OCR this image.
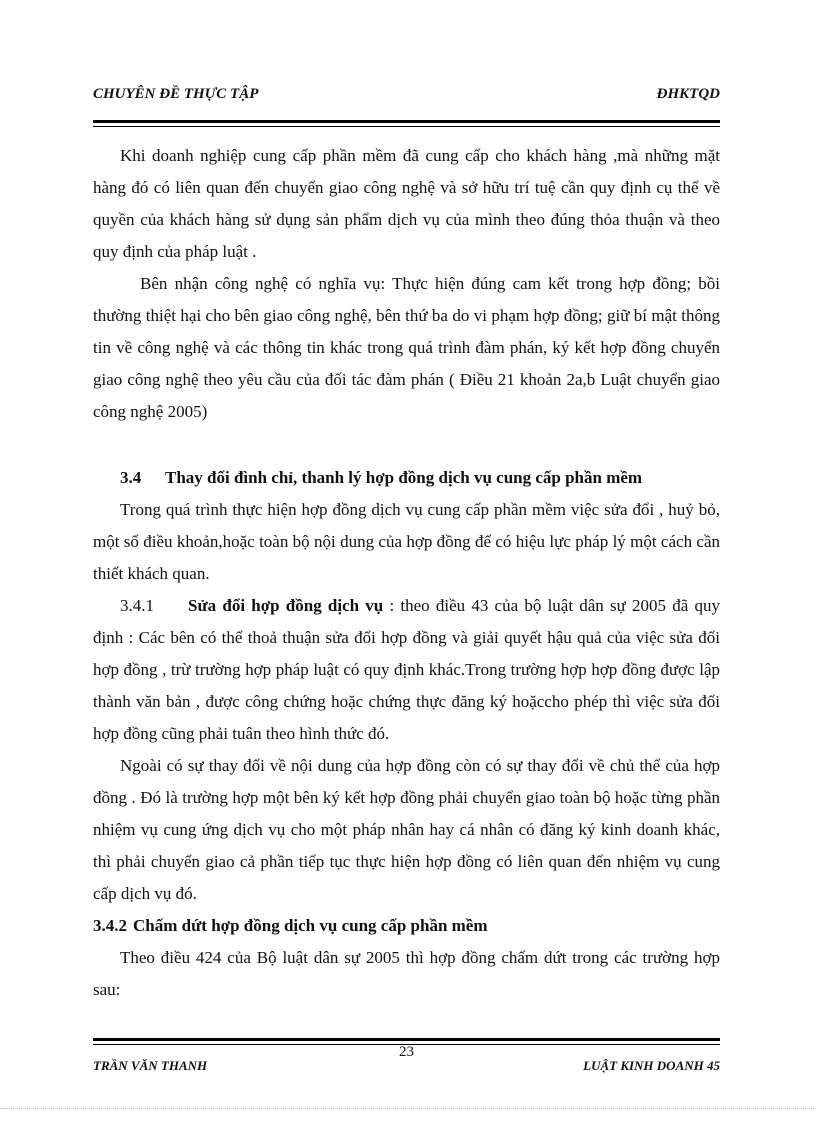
CHUYÊN ĐỀ THỰC TẬP	ĐHKTQD

Khi doanh nghiệp cung cấp phần mềm đã cung cấp cho khách hàng ,mà những mặt hàng đó có liên quan đến chuyển giao công nghệ và sở hữu trí tuệ cần quy định cụ thể về quyền của khách hàng sử dụng sản phẩm dịch vụ của mình theo đúng thỏa thuận và theo quy định của pháp luật .

Bên nhận công nghệ có nghĩa vụ: Thực hiện đúng cam kết trong hợp đồng; bồi thường thiệt hại cho bên giao công nghệ, bên thứ ba do vi phạm hợp đồng; giữ bí mật thông tin về công nghệ và các thông tin khác trong quá trình đàm phán, ký kết hợp đồng chuyển giao công nghệ theo yêu cầu của đối tác đàm phán ( Điều 21 khoản 2a,b Luật chuyển giao công nghệ 2005)

3.4 Thay đổi đình chỉ, thanh lý hợp đồng dịch vụ cung cấp phần mềm

Trong quá trình thực hiện hợp đồng dịch vụ cung cấp phần mềm việc sửa đổi , huỷ bỏ, một số điều khoản,hoặc toàn bộ nội dung của hợp đồng để có hiệu lực pháp lý một cách cần thiết khách quan.

3.4.1 Sửa đổi hợp đồng dịch vụ : theo điều 43 của bộ luật dân sự 2005 đã quy định : Các bên có thể thoả thuận sửa đổi hợp đồng và giải quyết hậu quả của việc sửa đổi hợp đồng , trừ trường hợp pháp luật có quy định khác.Trong trường hợp hợp đồng được lập thành văn bản , được công chứng hoặc chứng thực đăng ký hoặccho phép thì việc sửa đổi hợp đồng cũng phải tuân theo hình thức đó.

Ngoài có sự thay đổi về nội dung của hợp đồng còn có sự thay đổi về chủ thể của hợp đồng . Đó là trường hợp một bên ký kết hợp đồng phải chuyển giao toàn bộ hoặc từng phần nhiệm vụ cung ứng dịch vụ cho một pháp nhân hay cá nhân có đăng ký kinh doanh khác, thì phải chuyển giao cả phần tiếp tục thực hiện hợp đồng có liên quan đến nhiệm vụ cung cấp dịch vụ đó.

3.4.2 Chấm dứt hợp đồng dịch vụ cung cấp phần mềm

Theo điều 424 của Bộ luật dân sự 2005 thì hợp đồng chấm dứt trong các trường hợp sau:

23
TRẦN VĂN THANH	LUẬT KINH DOANH 45
